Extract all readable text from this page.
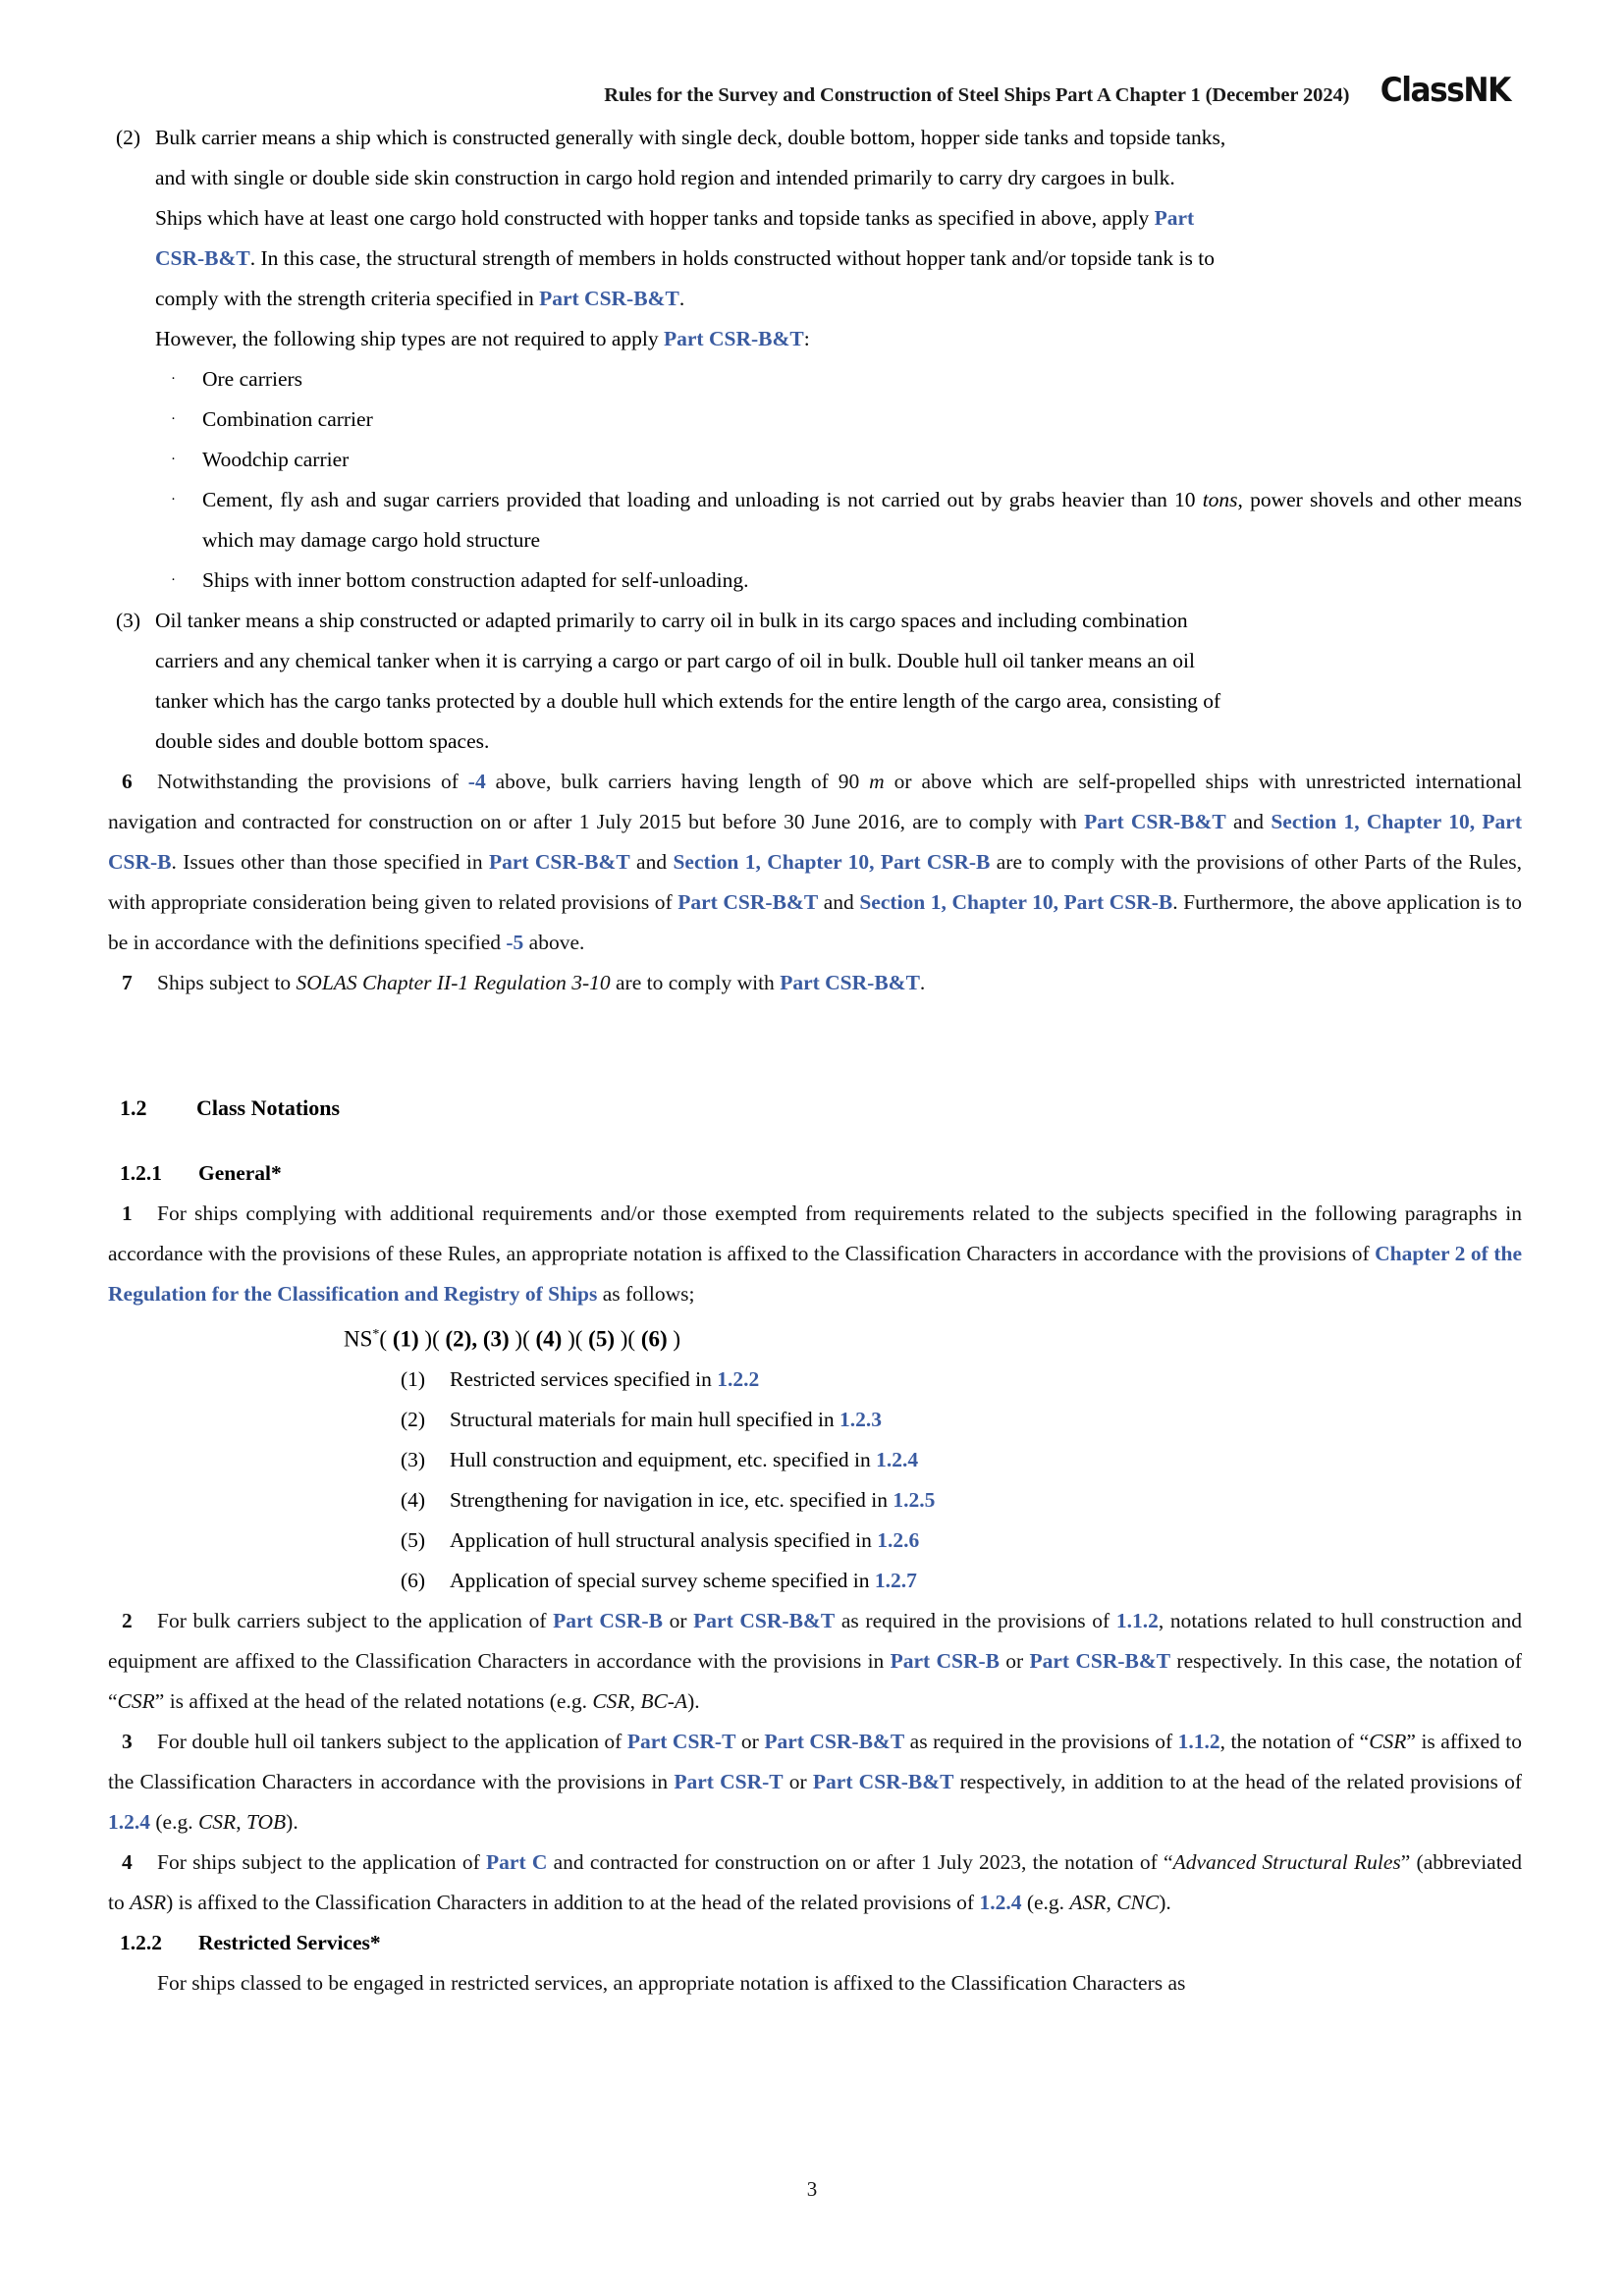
Rules for the Survey and Construction of Steel Ships Part A Chapter 1 (December 2024) ClassNK
(2) Bulk carrier means a ship which is constructed generally with single deck, double bottom, hopper side tanks and topside tanks,
and with single or double side skin construction in cargo hold region and intended primarily to carry dry cargoes in bulk.
Ships which have at least one cargo hold constructed with hopper tanks and topside tanks as specified in above, apply Part
CSR-B&T. In this case, the structural strength of members in holds constructed without hopper tank and/or topside tank is to
comply with the strength criteria specified in Part CSR-B&T.
However, the following ship types are not required to apply Part CSR-B&T:
·	Ore carriers
·	Combination carrier
·	Woodchip carrier
·	Cement, fly ash and sugar carriers provided that loading and unloading is not carried out by grabs heavier than 10 tons, power shovels and other means which may damage cargo hold structure
·	Ships with inner bottom construction adapted for self-unloading.
(3) Oil tanker means a ship constructed or adapted primarily to carry oil in bulk in its cargo spaces and including combination
carriers and any chemical tanker when it is carrying a cargo or part cargo of oil in bulk. Double hull oil tanker means an oil
tanker which has the cargo tanks protected by a double hull which extends for the entire length of the cargo area, consisting of
double sides and double bottom spaces.

6 Notwithstanding the provisions of -4 above, bulk carriers having length of 90 m or above which are self-propelled ships with unrestricted international navigation and contracted for construction on or after 1 July 2015 but before 30 June 2016, are to comply with Part CSR-B&T and Section 1, Chapter 10, Part CSR-B. Issues other than those specified in Part CSR-B&T and Section 1, Chapter 10, Part CSR-B are to comply with the provisions of other Parts of the Rules, with appropriate consideration being given to related provisions of Part CSR-B&T and Section 1, Chapter 10, Part CSR-B. Furthermore, the above application is to be in accordance with the definitions specified -5 above.

7 Ships subject to SOLAS Chapter II-1 Regulation 3-10 are to comply with Part CSR-B&T.

1.2	Class Notations
1.2.1	General*

1 For ships complying with additional requirements and/or those exempted from requirements related to the subjects specified in the following paragraphs in accordance with the provisions of these Rules, an appropriate notation is affixed to the Classification Characters in accordance with the provisions of Chapter 2 of the Regulation for the Classification and Registry of Ships as follows;

NS*( (1) )( (2), (3) )( (4) )( (5) )( (6) )
(1)	Restricted services specified in 1.2.2
(2)	Structural materials for main hull specified in 1.2.3
(3)	Hull construction and equipment, etc. specified in 1.2.4
(4)	Strengthening for navigation in ice, etc. specified in 1.2.5
(5)	Application of hull structural analysis specified in 1.2.6
(6)	Application of special survey scheme specified in 1.2.7

2 For bulk carriers subject to the application of Part CSR-B or Part CSR-B&T as required in the provisions of 1.1.2, notations related to hull construction and equipment are affixed to the Classification Characters in accordance with the provisions in Part CSR-B or Part CSR-B&T respectively. In this case, the notation of “CSR” is affixed at the head of the related notations (e.g. CSR, BC-A).

3 For double hull oil tankers subject to the application of Part CSR-T or Part CSR-B&T as required in the provisions of 1.1.2, the notation of “CSR” is affixed to the Classification Characters in accordance with the provisions in Part CSR-T or Part CSR-B&T respectively, in addition to at the head of the related provisions of 1.2.4 (e.g. CSR, TOB).

4 For ships subject to the application of Part C and contracted for construction on or after 1 July 2023, the notation of “Advanced Structural Rules” (abbreviated to ASR) is affixed to the Classification Characters in addition to at the head of the related provisions of 1.2.4 (e.g. ASR, CNC).

1.2.2	Restricted Services*

For ships classed to be engaged in restricted services, an appropriate notation is affixed to the Classification Characters as

3
